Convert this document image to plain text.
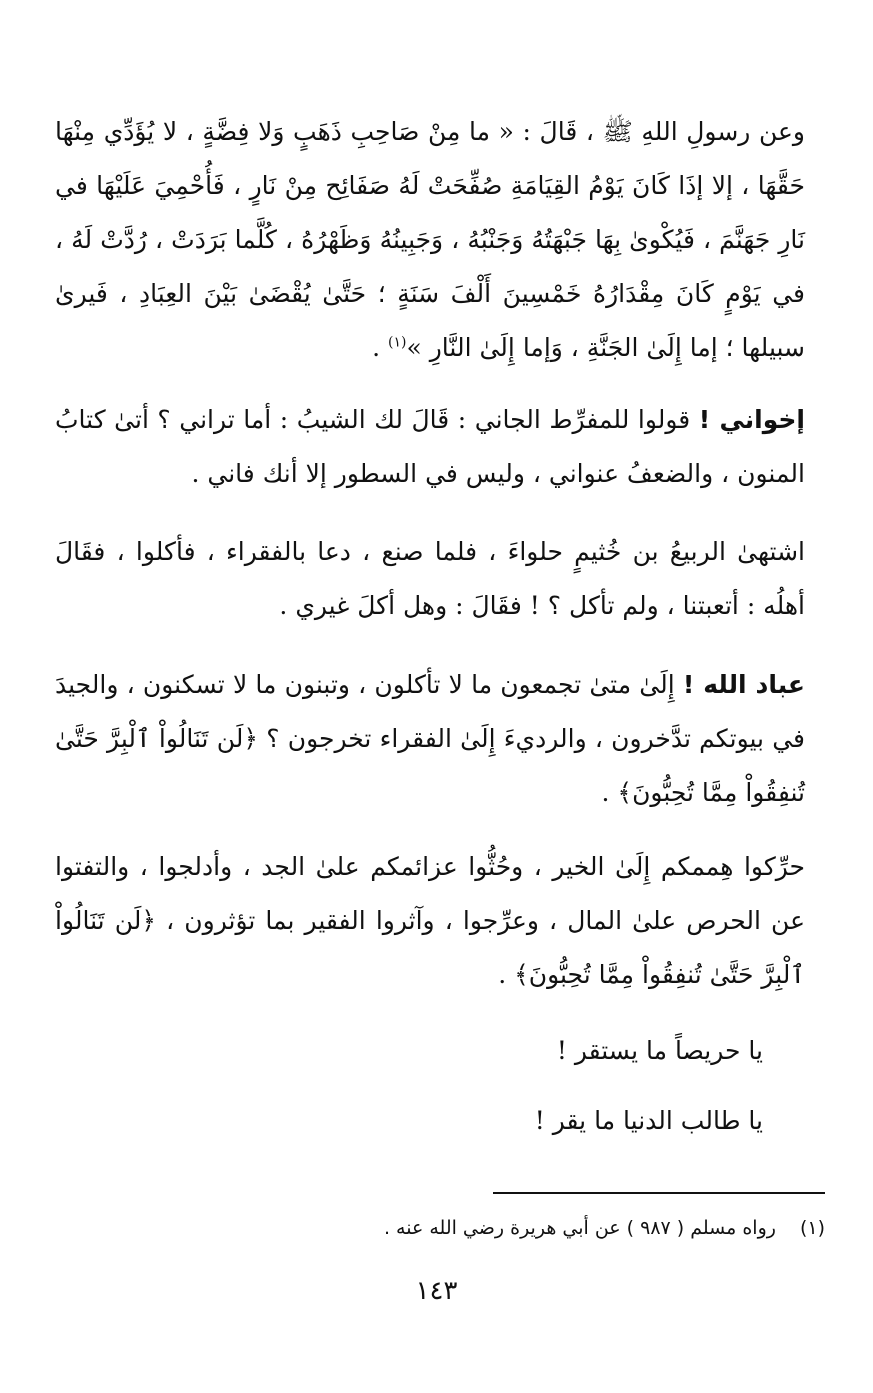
وعن رسولِ اللهِ ﷺ ، قَالَ : « ما مِنْ صَاحِبِ ذَهَبٍ وَلا فِضَّةٍ ، لا يُؤَدِّي مِنْهَا حَقَّهَا ، إلا إذَا كَانَ يَوْمُ القِيَامَةِ صُفِّحَتْ لَهُ صَفَائِح مِنْ نَارٍ ، فَأُحْمِيَ عَلَيْهَا في نَارِ جَهَنَّمَ ، فَيُكْوىٰ بِهَا جَبْهَتُهُ وَجَنْبُهُ ، وَجَبِينُهُ وَظَهْرُهُ ، كُلَّما بَرَدَتْ ، رُدَّتْ لَهُ ، في يَوْمٍ كَانَ مِقْدَارُهُ خَمْسِينَ أَلْفَ سَنَةٍ ؛ حَتَّىٰ يُقْضَىٰ بَيْنَ العِبَادِ ، فَيرىٰ سبيلها ؛ إما إِلَىٰ الجَنَّةِ ، وَإما إِلَىٰ النَّارِ »$^{(١)}$ .

إخواني ! قولوا للمفرِّط الجاني : قَالَ لك الشيبُ : أما تراني ؟ أتىٰ كتابُ المنون ، والضعفُ عنواني ، وليس في السطور إلا أنك فاني .

اشتهىٰ الربيعُ بن خُثيمٍ حلواءَ ، فلما صنع ، دعا بالفقراء ، فأكلوا ، فقَالَ أهلُه : أتعبتنا ، ولم تأكل ؟ ! فقَالَ : وهل أكلَ غيري .

عباد الله ! إِلَىٰ متىٰ تجمعون ما لا تأكلون ، وتبنون ما لا تسكنون ، والجيدَ في بيوتكم تدَّخرون ، والرديءَ إِلَىٰ الفقراء تخرجون ؟ ﴿لَن تَنَالُواْ ٱلْبِرَّ حَتَّىٰ تُنفِقُواْ مِمَّا تُحِبُّونَ﴾ .

حرِّكوا هِممكم إِلَىٰ الخير ، وحُثُّوا عزائمكم علىٰ الجد ، وأدلجوا ، والتفتوا عن الحرص علىٰ المال ، وعرِّجوا ، وآثروا الفقير بما تؤثرون ، ﴿لَن تَنَالُواْ ٱلْبِرَّ حَتَّىٰ تُنفِقُواْ مِمَّا تُحِبُّونَ﴾ .

يا حريصاً ما يستقر !
يا طالب الدنيا ما يقر !
(١)رواه مسلم ( ٩٨٧ ) عن أبي هريرة رضي الله عنه .
١٤٣
